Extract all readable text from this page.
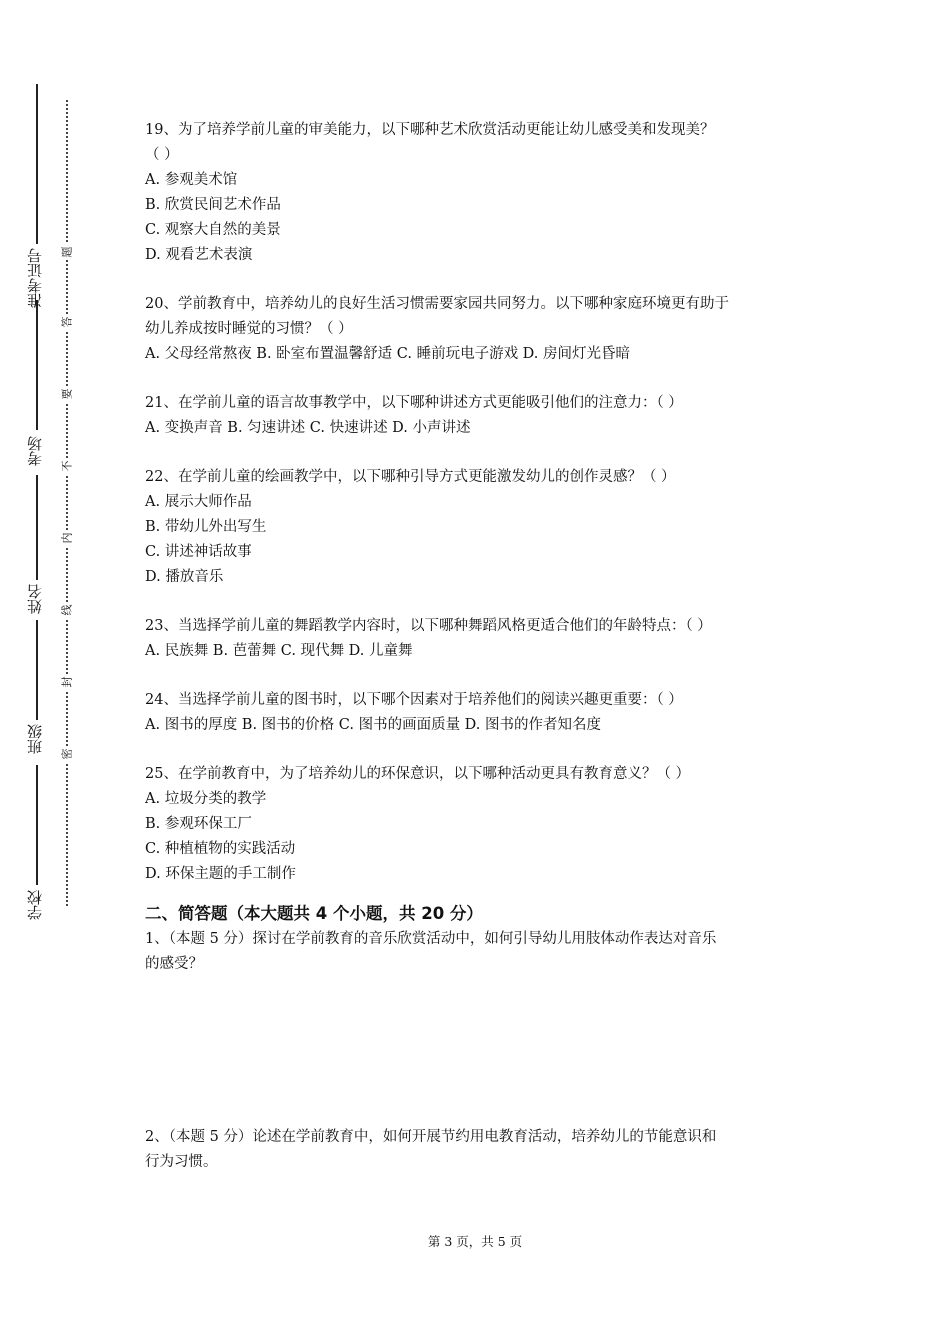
准考证号
考场
姓名
班级
学校
题
答
要
不
内
线
封
密

19、为了培养学前儿童的审美能力，以下哪种艺术欣赏活动更能让幼儿感受美和发现美？

（ ）

A. 参观美术馆

B. 欣赏民间艺术作品

C. 观察大自然的美景

D. 观看艺术表演

20、学前教育中，培养幼儿的良好生活习惯需要家园共同努力。以下哪种家庭环境更有助于

幼儿养成按时睡觉的习惯？（ ）

A. 父母经常熬夜 B. 卧室布置温馨舒适 C. 睡前玩电子游戏 D. 房间灯光昏暗

21、在学前儿童的语言故事教学中，以下哪种讲述方式更能吸引他们的注意力：（ ）

A. 变换声音 B. 匀速讲述 C. 快速讲述 D. 小声讲述

22、在学前儿童的绘画教学中，以下哪种引导方式更能激发幼儿的创作灵感？（ ）

A. 展示大师作品

B. 带幼儿外出写生

C. 讲述神话故事

D. 播放音乐

23、当选择学前儿童的舞蹈教学内容时，以下哪种舞蹈风格更适合他们的年龄特点：（ ）

A. 民族舞 B. 芭蕾舞 C. 现代舞 D. 儿童舞

24、当选择学前儿童的图书时，以下哪个因素对于培养他们的阅读兴趣更重要：（ ）

A. 图书的厚度 B. 图书的价格 C. 图书的画面质量 D. 图书的作者知名度

25、在学前教育中，为了培养幼儿的环保意识，以下哪种活动更具有教育意义？（ ）

A. 垃圾分类的教学

B. 参观环保工厂

C. 种植植物的实践活动

D. 环保主题的手工制作

二、简答题（本大题共 4 个小题，共 20 分）

1、（本题 5 分）探讨在学前教育的音乐欣赏活动中，如何引导幼儿用肢体动作表达对音乐

的感受？

2、（本题 5 分）论述在学前教育中，如何开展节约用电教育活动，培养幼儿的节能意识和

行为习惯。

第 3 页，共 5 页
